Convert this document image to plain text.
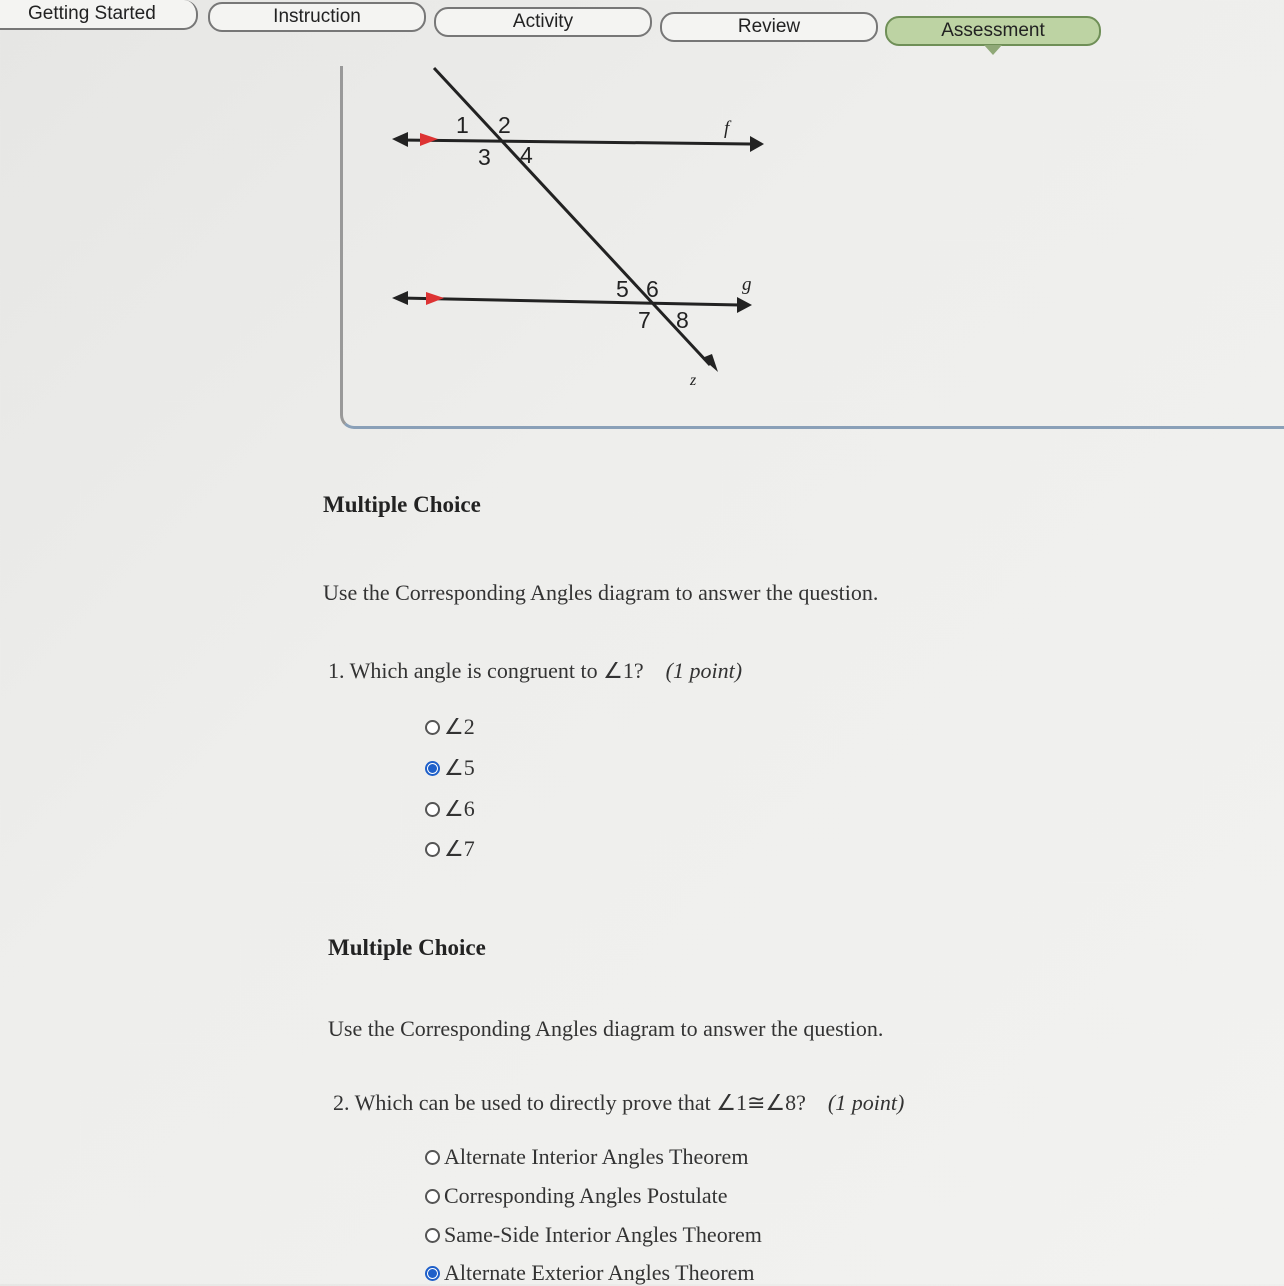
Getting Started	Instruction	Activity	Review	Assessment
1 2
3 4
5 6
7 8
f
g
z
Multiple Choice
Use the Corresponding Angles diagram to answer the question.
1. Which angle is congruent to ∠1? (1 point)
∠2
∠5
∠6
∠7
Multiple Choice
Use the Corresponding Angles diagram to answer the question.
2. Which can be used to directly prove that ∠1≅∠8? (1 point)
Alternate Interior Angles Theorem
Corresponding Angles Postulate
Same-Side Interior Angles Theorem
Alternate Exterior Angles Theorem
